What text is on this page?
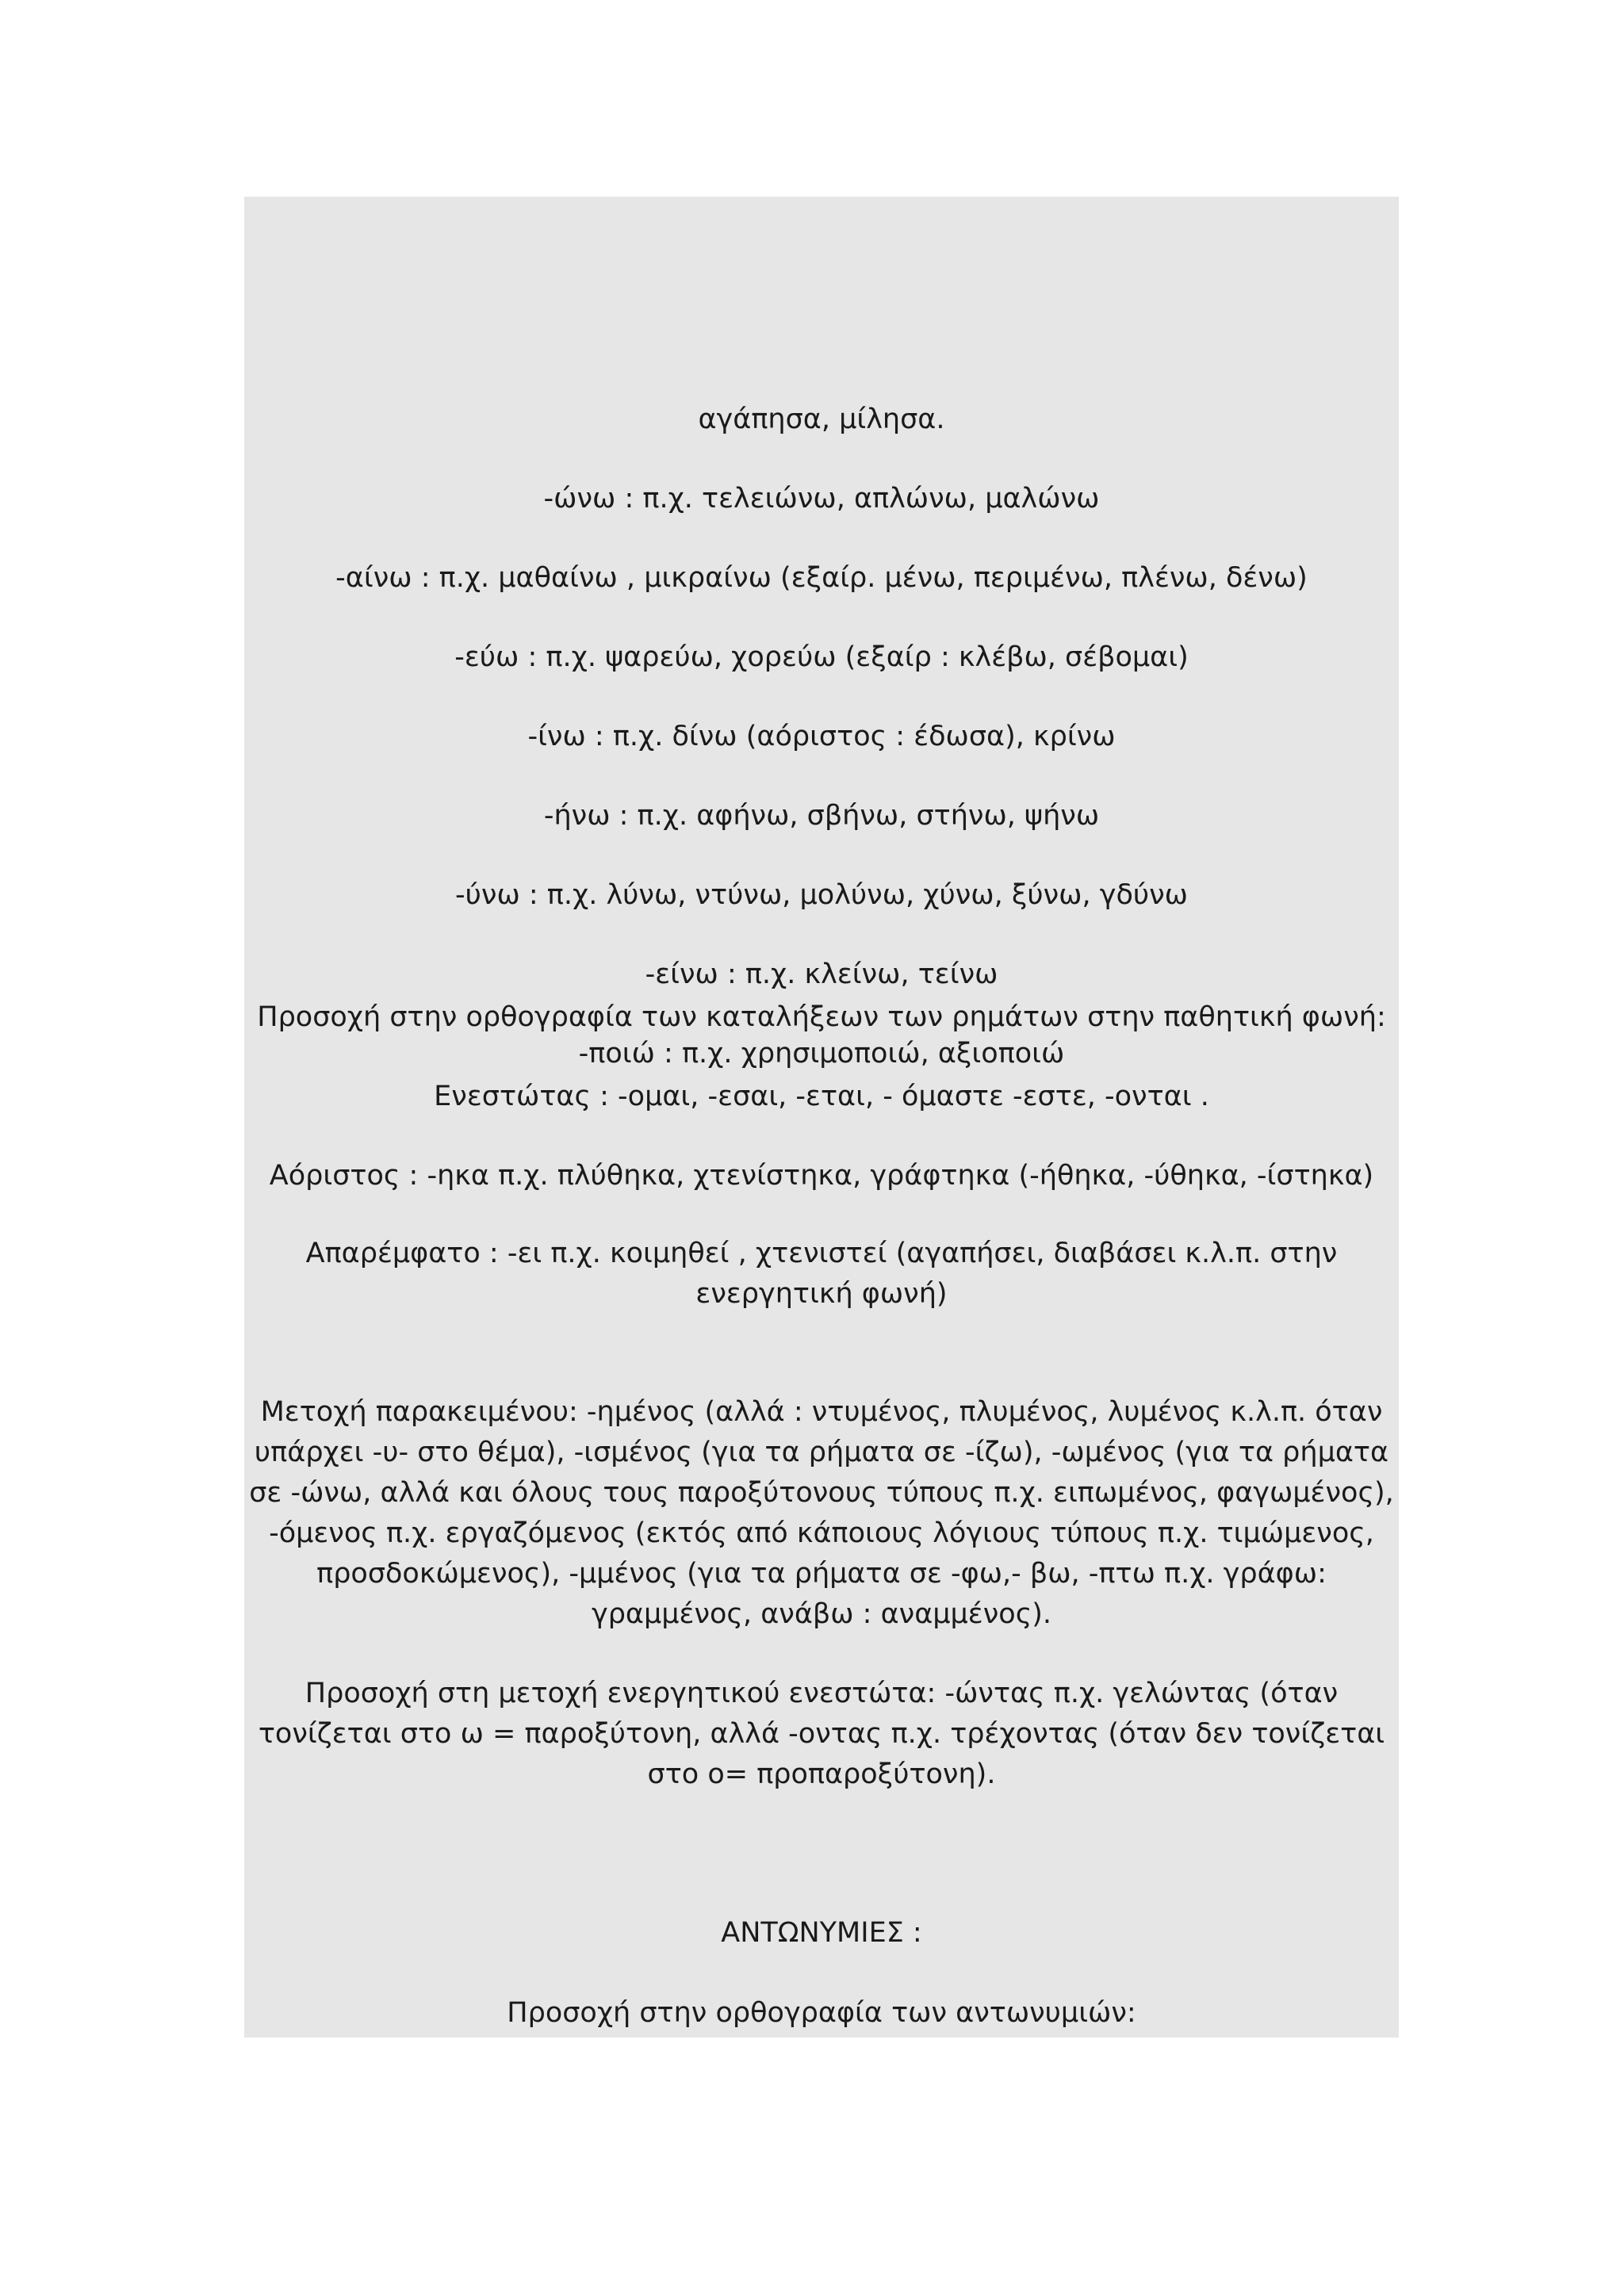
αγάπησα, μίλησα.
-ώνω : π.χ. τελειώνω, απλώνω, μαλώνω
-αίνω : π.χ. μαθαίνω , μικραίνω (εξαίρ. μένω, περιμένω, πλένω, δένω)
-εύω : π.χ. ψαρεύω, χορεύω (εξαίρ : κλέβω, σέβομαι)
-ίνω : π.χ. δίνω (αόριστος : έδωσα), κρίνω
-ήνω : π.χ. αφήνω, σβήνω, στήνω, ψήνω
-ύνω : π.χ. λύνω, ντύνω, μολύνω, χύνω, ξύνω, γδύνω
-είνω : π.χ. κλείνω, τείνω
-ποιώ : π.χ. χρησιμοποιώ, αξιοποιώ
Προσοχή στην ορθογραφία των καταλήξεων των ρημάτων στην παθητική φωνή:
Ενεστώτας : -ομαι, -εσαι, -εται, - όμαστε -εστε, -ονται .
Αόριστος : -ηκα π.χ. πλύθηκα, χτενίστηκα, γράφτηκα (-ήθηκα, -ύθηκα, -ίστηκα)
Απαρέμφατο : -ει π.χ. κοιμηθεί , χτενιστεί (αγαπήσει, διαβάσει κ.λ.π. στην ενεργητική φωνή)
Μετοχή παρακειμένου: -ημένος (αλλά : ντυμένος, πλυμένος, λυμένος κ.λ.π. όταν υπάρχει -υ- στο θέμα), -ισμένος (για τα ρήματα σε -ίζω), -ωμένος (για τα ρήματα σε -ώνω, αλλά και όλους τους παροξύτονους τύπους π.χ. ειπωμένος, φαγωμένος), -όμενος π.χ. εργαζόμενος (εκτός από κάποιους λόγιους τύπους π.χ. τιμώμενος, προσδοκώμενος), -μμένος (για τα ρήματα σε -φω,- βω, -πτω π.χ. γράφω: γραμμένος, ανάβω : αναμμένος).
Προσοχή στη μετοχή ενεργητικού ενεστώτα: -ώντας π.χ. γελώντας (όταν τονίζεται στο ω = παροξύτονη, αλλά -οντας π.χ. τρέχοντας (όταν δεν τονίζεται στο ο= προπαροξύτονη).
ΑΝΤΩΝΥΜΙΕΣ :
Προσοχή στην ορθογραφία των αντωνυμιών:
